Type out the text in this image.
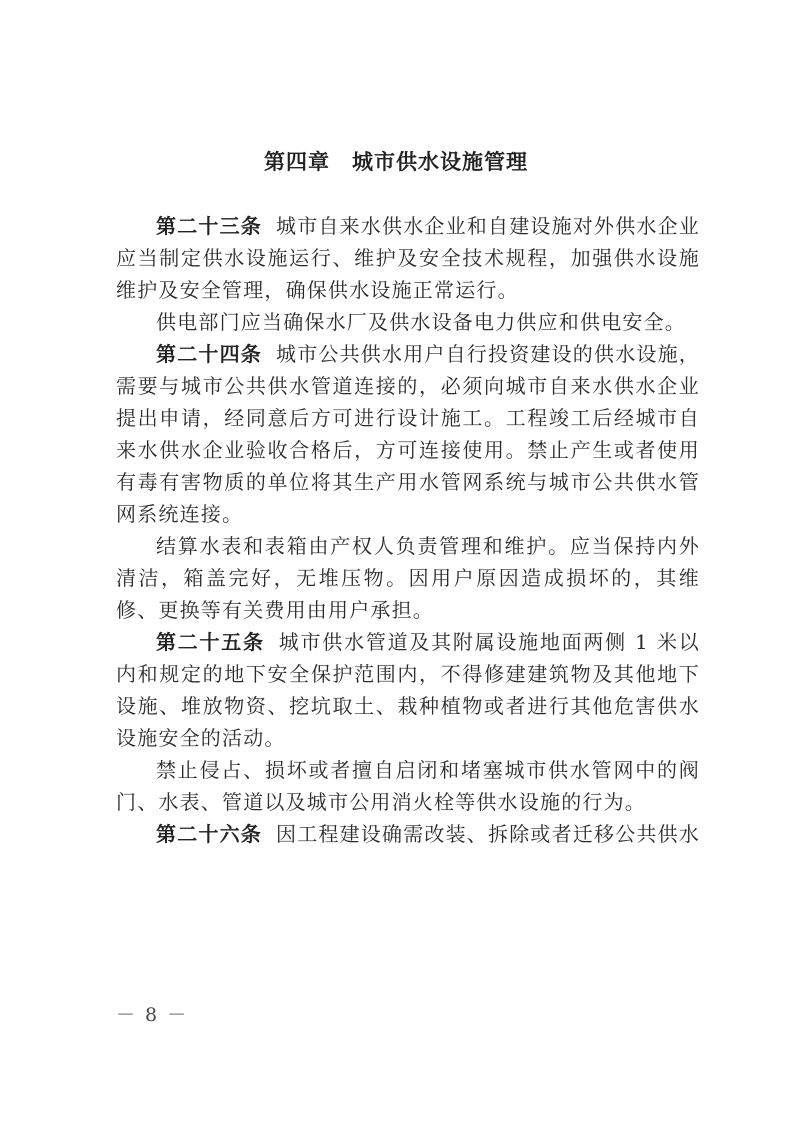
第四章　城市供水设施管理

第二十三条 城市自来水供水企业和自建设施对外供水企业应当制定供水设施运行、维护及安全技术规程，加强供水设施维护及安全管理，确保供水设施正常运行。

供电部门应当确保水厂及供水设备电力供应和供电安全。

第二十四条 城市公共供水用户自行投资建设的供水设施，需要与城市公共供水管道连接的，必须向城市自来水供水企业提出申请，经同意后方可进行设计施工。工程竣工后经城市自来水供水企业验收合格后，方可连接使用。禁止产生或者使用有毒有害物质的单位将其生产用水管网系统与城市公共供水管网系统连接。

结算水表和表箱由产权人负责管理和维护。应当保持内外清洁，箱盖完好，无堆压物。因用户原因造成损坏的，其维修、更换等有关费用由用户承担。

第二十五条 城市供水管道及其附属设施地面两侧 1 米以内和规定的地下安全保护范围内，不得修建建筑物及其他地下设施、堆放物资、挖坑取土、栽种植物或者进行其他危害供水设施安全的活动。

禁止侵占、损坏或者擅自启闭和堵塞城市供水管网中的阀门、水表、管道以及城市公用消火栓等供水设施的行为。

第二十六条 因工程建设确需改装、拆除或者迁移公共供水

－ 8 －
